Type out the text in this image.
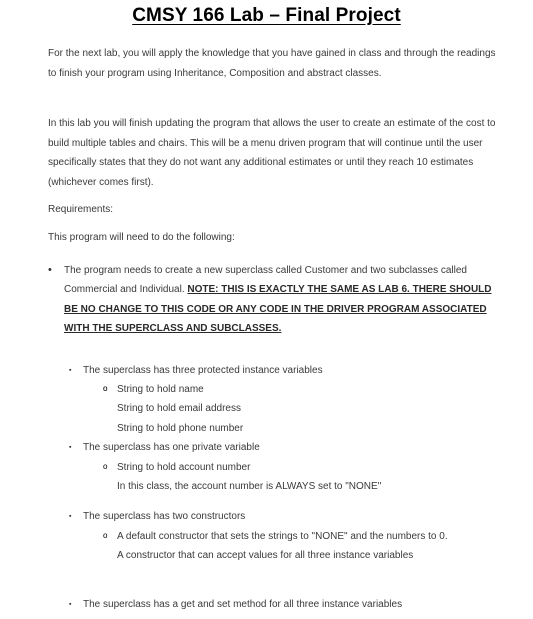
CMSY 166 Lab – Final Project

For the next lab, you will apply the knowledge that you have gained in class and through the readings to finish your program using Inheritance, Composition and abstract classes.

In this lab you will finish updating the program that allows the user to create an estimate of the cost to build multiple tables and chairs. This will be a menu driven program that will continue until the user specifically states that they do not want any additional estimates or until they reach 10 estimates (whichever comes first).

Requirements:

This program will need to do the following:

• The program needs to create a new superclass called Customer and two subclasses called Commercial and Individual. NOTE: THIS IS EXACTLY THE SAME AS LAB 6. THERE SHOULD BE NO CHANGE TO THIS CODE OR ANY CODE IN THE DRIVER PROGRAM ASSOCIATED WITH THE SUPERCLASS AND SUBCLASSES.
▪ The superclass has three protected instance variables
o String to hold name
o String to hold email address
o String to hold phone number
▪ The superclass has one private variable
o String to hold account number
o In this class, the account number is ALWAYS set to "NONE"
▪ The superclass has two constructors
o A default constructor that sets the strings to "NONE" and the numbers to 0.
o A constructor that can accept values for all three instance variables
▪ The superclass has a get and set method for all three instance variables
